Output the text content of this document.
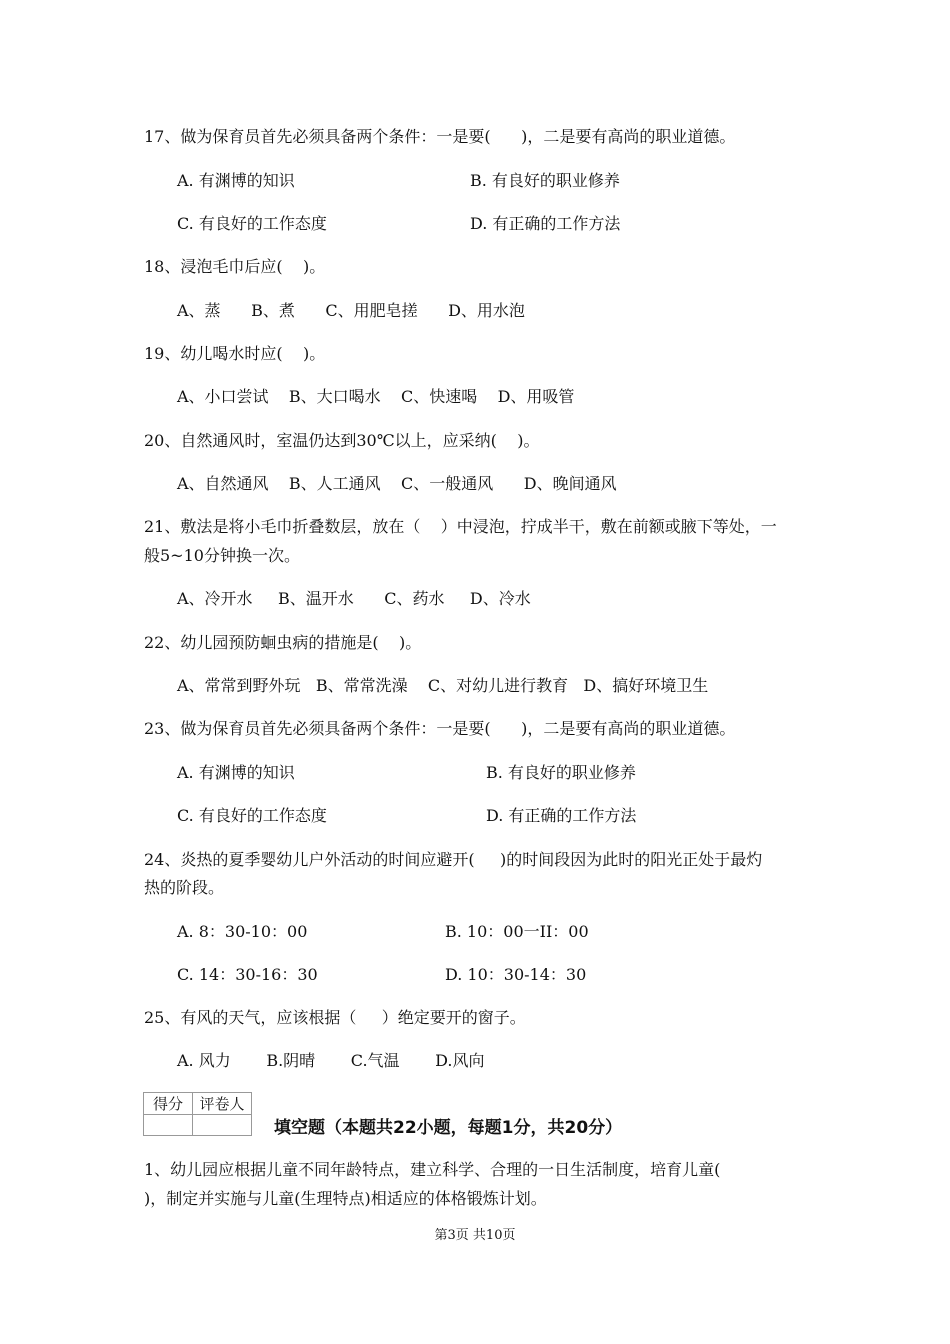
17、做为保育员首先必须具备两个条件：一是要(      )，二是要有高尚的职业道德。
A. 有渊博的知识	B. 有良好的职业修养
C. 有良好的工作态度	D. 有正确的工作方法
18、浸泡毛巾后应(    )。
A、蒸      B、煮      C、用肥皂搓      D、用水泡
19、幼儿喝水时应(    )。
A、小口尝试    B、大口喝水    C、快速喝    D、用吸管
20、自然通风时，室温仍达到30℃以上，应采纳(    )。
A、自然通风    B、人工通风    C、一般通风      D、晚间通风
21、敷法是将小毛巾折叠数层，放在（    ）中浸泡，拧成半干，敷在前额或腋下等处，一
般5~10分钟换一次。
A、冷开水     B、温开水      C、药水     D、冷水
22、幼儿园预防蛔虫病的措施是(    )。
A、常常到野外玩   B、常常洗澡    C、对幼儿进行教育   D、搞好环境卫生
23、做为保育员首先必须具备两个条件：一是要(      )，二是要有高尚的职业道德。
A. 有渊博的知识	B. 有良好的职业修养
C. 有良好的工作态度	D. 有正确的工作方法
24、炎热的夏季婴幼儿户外活动的时间应避开(     )的时间段因为此时的阳光正处于最灼
热的阶段。
A. 8：30-10：00	B. 10：00一II：00
C. 14：30-16：30	D. 10：30-14：30
25、有风的天气，应该根据（     ）绝定要开的窗子。
A. 风力       B.阴晴       C.气温       D.风向
得分	评卷人

填空题（本题共22小题，每题1分，共20分）
1、幼儿园应根据儿童不同年龄特点，建立科学、合理的一日生活制度，培育儿童(
)，制定并实施与儿童(生理特点)相适应的体格锻炼计划。
第3页 共10页
